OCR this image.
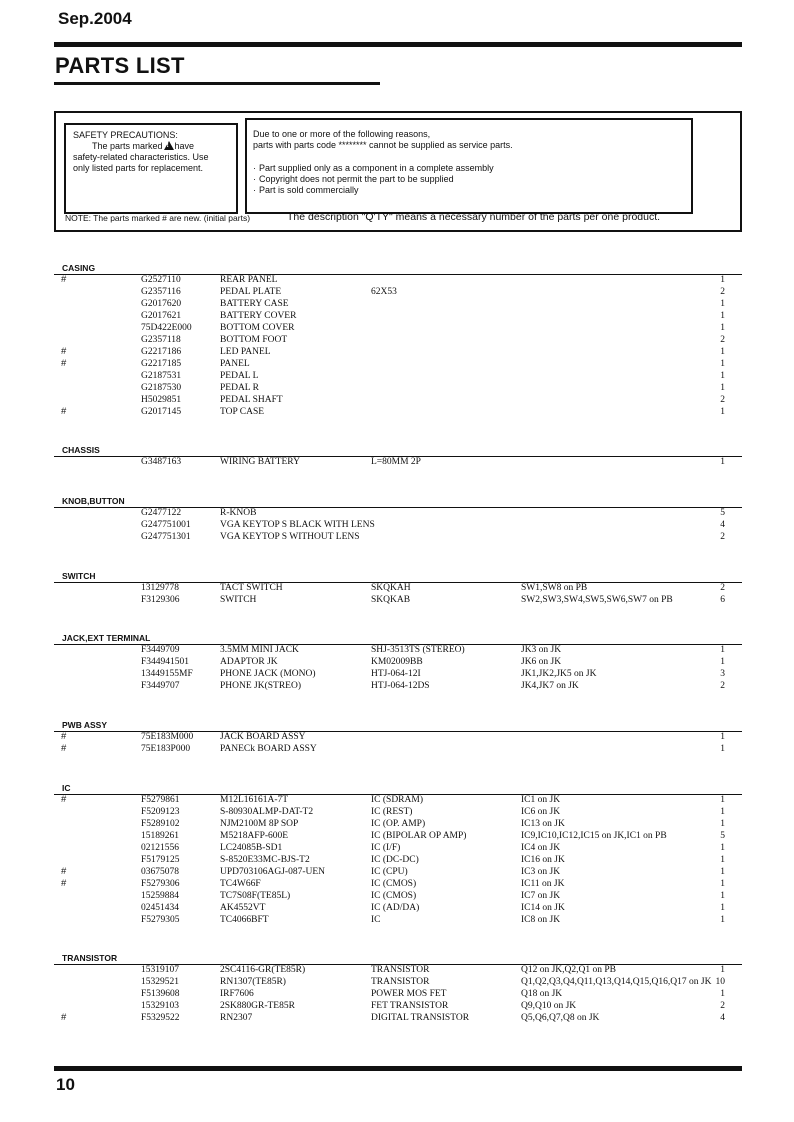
Sep.2004
PARTS LIST
SAFETY PRECAUTIONS:
The parts marked ! have
safety-related characteristics. Use
only listed parts for replacement.
Due to one or more of the following reasons,
parts with parts code ******** cannot be supplied as service parts.
· Part supplied only as a component in a complete assembly
· Copyright does not permit the part to be supplied
· Part is sold commercially
NOTE: The parts marked # are new. (initial parts)	The description "Q'TY" means a necessary number of the parts per one product.
CASING
#	G2527110	REAR PANEL	1
G2357116	PEDAL PLATE	62X53	2
G2017620	BATTERY CASE	1
G2017621	BATTERY COVER	1
75D422E000	BOTTOM COVER	1
G2357118	BOTTOM FOOT	2
#	G2217186	LED PANEL	1
#	G2217185	PANEL	1
G2187531	PEDAL L	1
G2187530	PEDAL R	1
H5029851	PEDAL SHAFT	2
#	G2017145	TOP CASE	1
CHASSIS
G3487163	WIRING BATTERY	L=80MM 2P	1
KNOB,BUTTON
G2477122	R-KNOB	5
G247751001	VGA KEYTOP S BLACK WITH LENS	4
G247751301	VGA KEYTOP S WITHOUT LENS	2
SWITCH
13129778	TACT SWITCH	SKQKAH	SW1,SW8 on PB	2
F3129306	SWITCH	SKQKAB	SW2,SW3,SW4,SW5,SW6,SW7 on PB	6
JACK,EXT TERMINAL
F3449709	3.5MM MINI JACK	SHJ-3513TS (STEREO)	JK3 on JK	1
F344941501	ADAPTOR JK	KM02009BB	JK6 on JK	1
13449155MF	PHONE JACK (MONO)	HTJ-064-12I	JK1,JK2,JK5 on JK	3
F3449707	PHONE JK(STREO)	HTJ-064-12DS	JK4,JK7 on JK	2
PWB ASSY
#	75E183M000	JACK BOARD ASSY	1
#	75E183P000	PANECk BOARD ASSY	1
IC
#	F5279861	M12L16161A-7T	IC (SDRAM)	IC1 on JK	1
F5209123	S-80930ALMP-DAT-T2	IC (REST)	IC6 on JK	1
F5289102	NJM2100M 8P SOP	IC (OP. AMP)	IC13 on JK	1
15189261	M5218AFP-600E	IC (BIPOLAR OP AMP)	IC9,IC10,IC12,IC15 on JK,IC1 on PB	5
02121556	LC24085B-SD1	IC (I/F)	IC4 on JK	1
F5179125	S-8520E33MC-BJS-T2	IC (DC-DC)	IC16 on JK	1
#	03675078	UPD703106AGJ-087-UEN	IC (CPU)	IC3 on JK	1
#	F5279306	TC4W66F	IC (CMOS)	IC11 on JK	1
15259884	TC7S08F(TE85L)	IC (CMOS)	IC7 on JK	1
02451434	AK4552VT	IC (AD/DA)	IC14 on JK	1
F5279305	TC4066BFT	IC	IC8 on JK	1
TRANSISTOR
15319107	2SC4116-GR(TE85R)	TRANSISTOR	Q12 on JK,Q2,Q1 on PB	1
15329521	RN1307(TE85R)	TRANSISTOR	Q1,Q2,Q3,Q4,Q11,Q13,Q14,Q15,Q16,Q17 on JK 10
F5139608	IRF7606	POWER MOS FET	Q18 on JK	1
15329103	2SK880GR-TE85R	FET TRANSISTOR	Q9,Q10 on JK	2
#	F5329522	RN2307	DIGITAL TRANSISTOR	Q5,Q6,Q7,Q8 on JK	4
10
